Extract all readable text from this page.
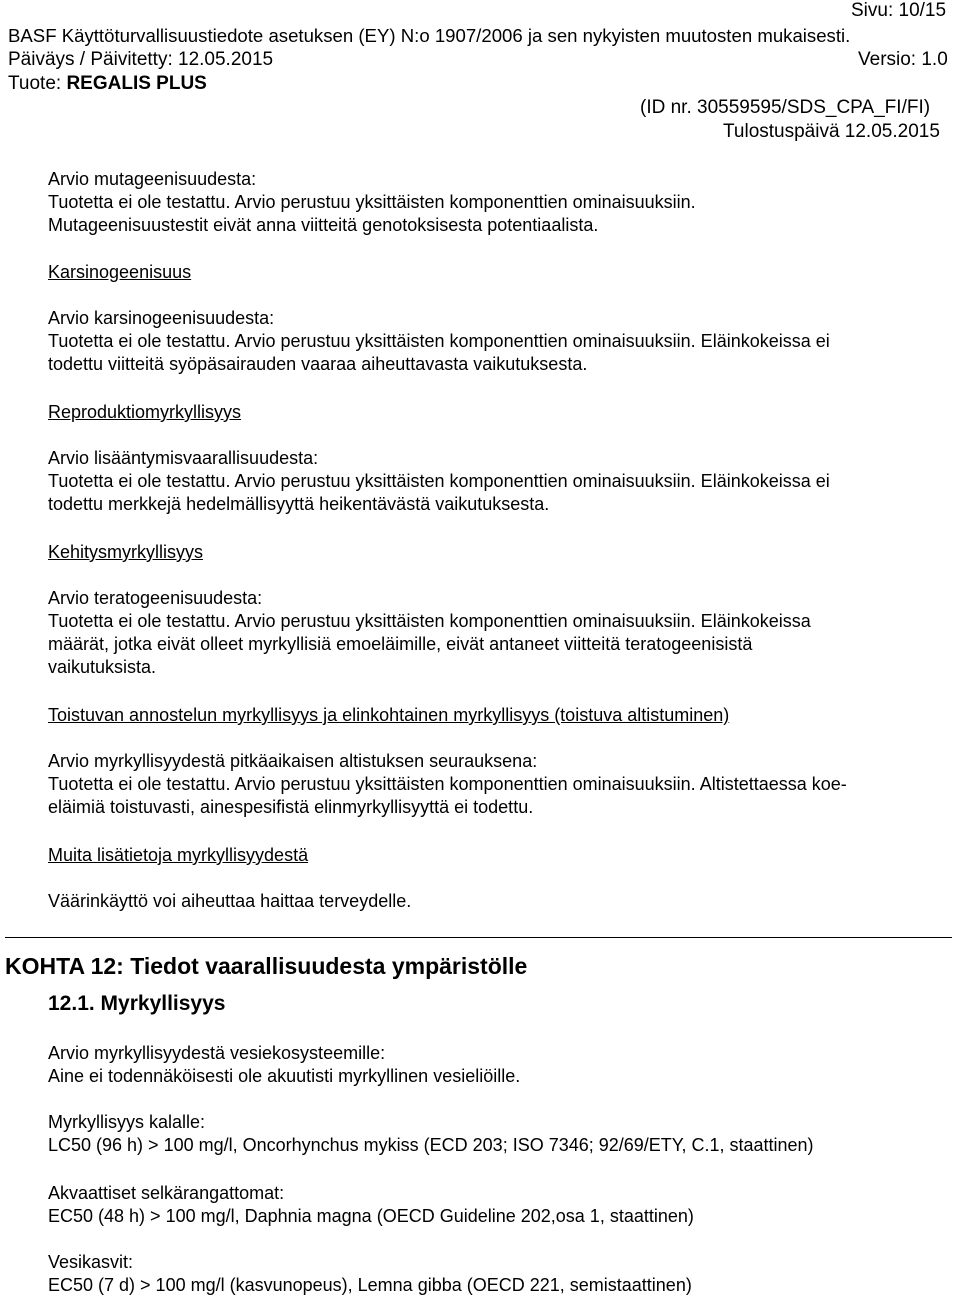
Sivu: 10/15
BASF Käyttöturvallisuustiedote asetuksen (EY) N:o 1907/2006 ja sen nykyisten muutosten mukaisesti.
Päiväys / Päivitetty: 12.05.2015	Versio: 1.0
Tuote: REGALIS PLUS
(ID nr. 30559595/SDS_CPA_FI/FI)
Tulostuspäivä 12.05.2015
Arvio mutageenisuudesta:
Tuotetta ei ole testattu. Arvio perustuu yksittäisten komponenttien ominaisuuksiin.
Mutageenisuustestit eivät anna viitteitä genotoksisesta potentiaalista.
Karsinogeenisuus
Arvio karsinogeenisuudesta:
Tuotetta ei ole testattu. Arvio perustuu yksittäisten komponenttien ominaisuuksiin. Eläinkokeissa ei
todettu viitteitä syöpäsairauden vaaraa aiheuttavasta vaikutuksesta.
Reproduktiomyrkyllisyys
Arvio lisääntymisvaarallisuudesta:
Tuotetta ei ole testattu. Arvio perustuu yksittäisten komponenttien ominaisuuksiin. Eläinkokeissa ei
todettu merkkejä hedelmällisyyttä heikentävästä vaikutuksesta.
Kehitysmyrkyllisyys
Arvio teratogeenisuudesta:
Tuotetta ei ole testattu. Arvio perustuu yksittäisten komponenttien ominaisuuksiin. Eläinkokeissa
määrät, jotka eivät olleet myrkyllisiä emoeläimille, eivät antaneet viitteitä teratogeenisistä
vaikutuksista.
Toistuvan annostelun myrkyllisyys ja elinkohtainen myrkyllisyys (toistuva altistuminen)
Arvio myrkyllisyydestä pitkäaikaisen altistuksen seurauksena:
Tuotetta ei ole testattu. Arvio perustuu yksittäisten komponenttien ominaisuuksiin. Altistettaessa koe-
eläimiä toistuvasti, ainespesifistä elinmyrkyllisyyttä ei todettu.
Muita lisätietoja myrkyllisyydestä
Väärinkäyttö voi aiheuttaa haittaa terveydelle.
KOHTA 12: Tiedot vaarallisuudesta ympäristölle
12.1. Myrkyllisyys
Arvio myrkyllisyydestä vesiekosysteemille:
Aine ei todennäköisesti ole akuutisti myrkyllinen vesieliöille.
Myrkyllisyys kalalle:
LC50 (96 h) > 100 mg/l, Oncorhynchus mykiss (ECD 203; ISO 7346; 92/69/ETY, C.1, staattinen)
Akvaattiset selkärangattomat:
EC50 (48 h) > 100 mg/l, Daphnia magna (OECD Guideline 202,osa 1, staattinen)
Vesikasvit:
EC50 (7 d) > 100 mg/l (kasvunopeus), Lemna gibba (OECD 221, semistaattinen)
